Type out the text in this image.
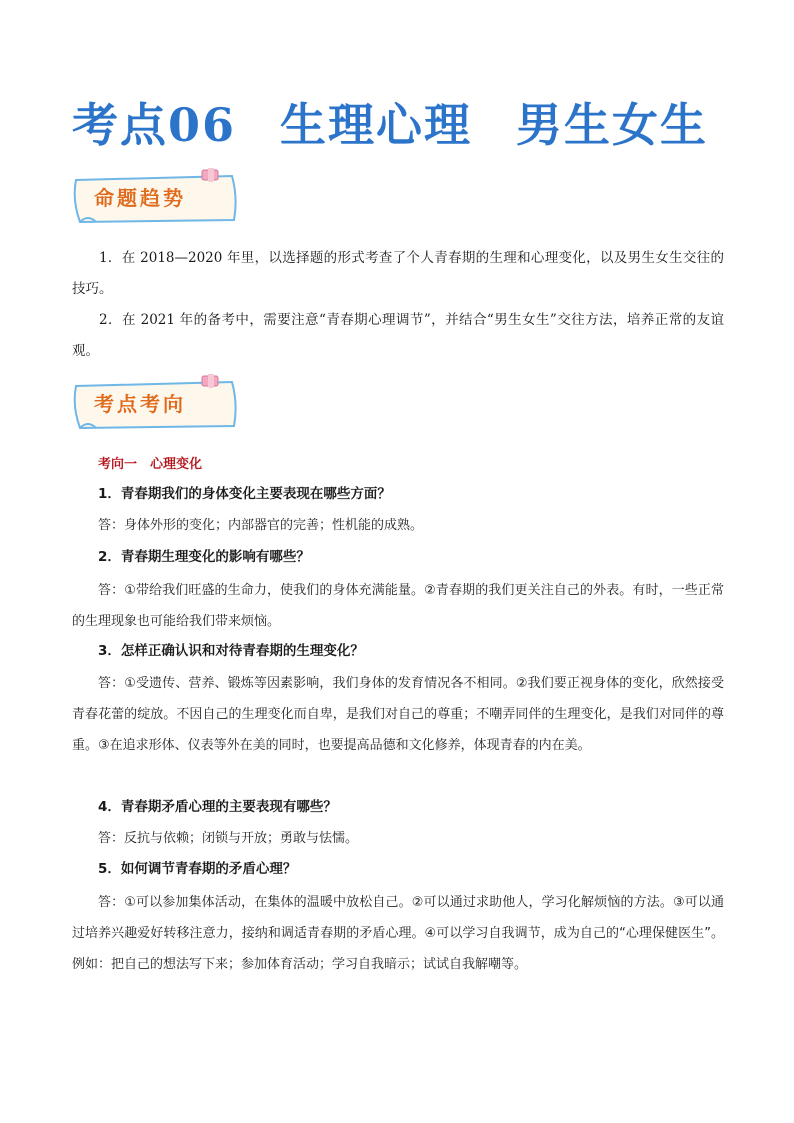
考点06 生理心理 男生女生
命题趋势

1．在 2018—2020 年里，以选择题的形式考查了个人青春期的生理和心理变化，以及男生女生交往的技巧。

2．在 2021 年的备考中，需要注意“青春期心理调节”，并结合“男生女生”交往方法，培养正常的友谊观。

考点考向
考向一　心理变化
1．青春期我们的身体变化主要表现在哪些方面？

答：身体外形的变化；内部器官的完善；性机能的成熟。

2．青春期生理变化的影响有哪些？

答：①带给我们旺盛的生命力，使我们的身体充满能量。②青春期的我们更关注自己的外表。有时，一些正常的生理现象也可能给我们带来烦恼。

3．怎样正确认识和对待青春期的生理变化？

答：①受遗传、营养、锻炼等因素影响，我们身体的发育情况各不相同。②我们要正视身体的变化，欣然接受青春花蕾的绽放。不因自己的生理变化而自卑，是我们对自己的尊重；不嘲弄同伴的生理变化，是我们对同伴的尊重。③在追求形体、仪表等外在美的同时，也要提高品德和文化修养，体现青春的内在美。

4．青春期矛盾心理的主要表现有哪些？

答：反抗与依赖；闭锁与开放；勇敢与怯懦。

5．如何调节青春期的矛盾心理？

答：①可以参加集体活动，在集体的温暖中放松自己。②可以通过求助他人，学习化解烦恼的方法。③可以通过培养兴趣爱好转移注意力，接纳和调适青春期的矛盾心理。④可以学习自我调节，成为自己的“心理保健医生”。例如：把自己的想法写下来；参加体育活动；学习自我暗示；试试自我解嘲等。
